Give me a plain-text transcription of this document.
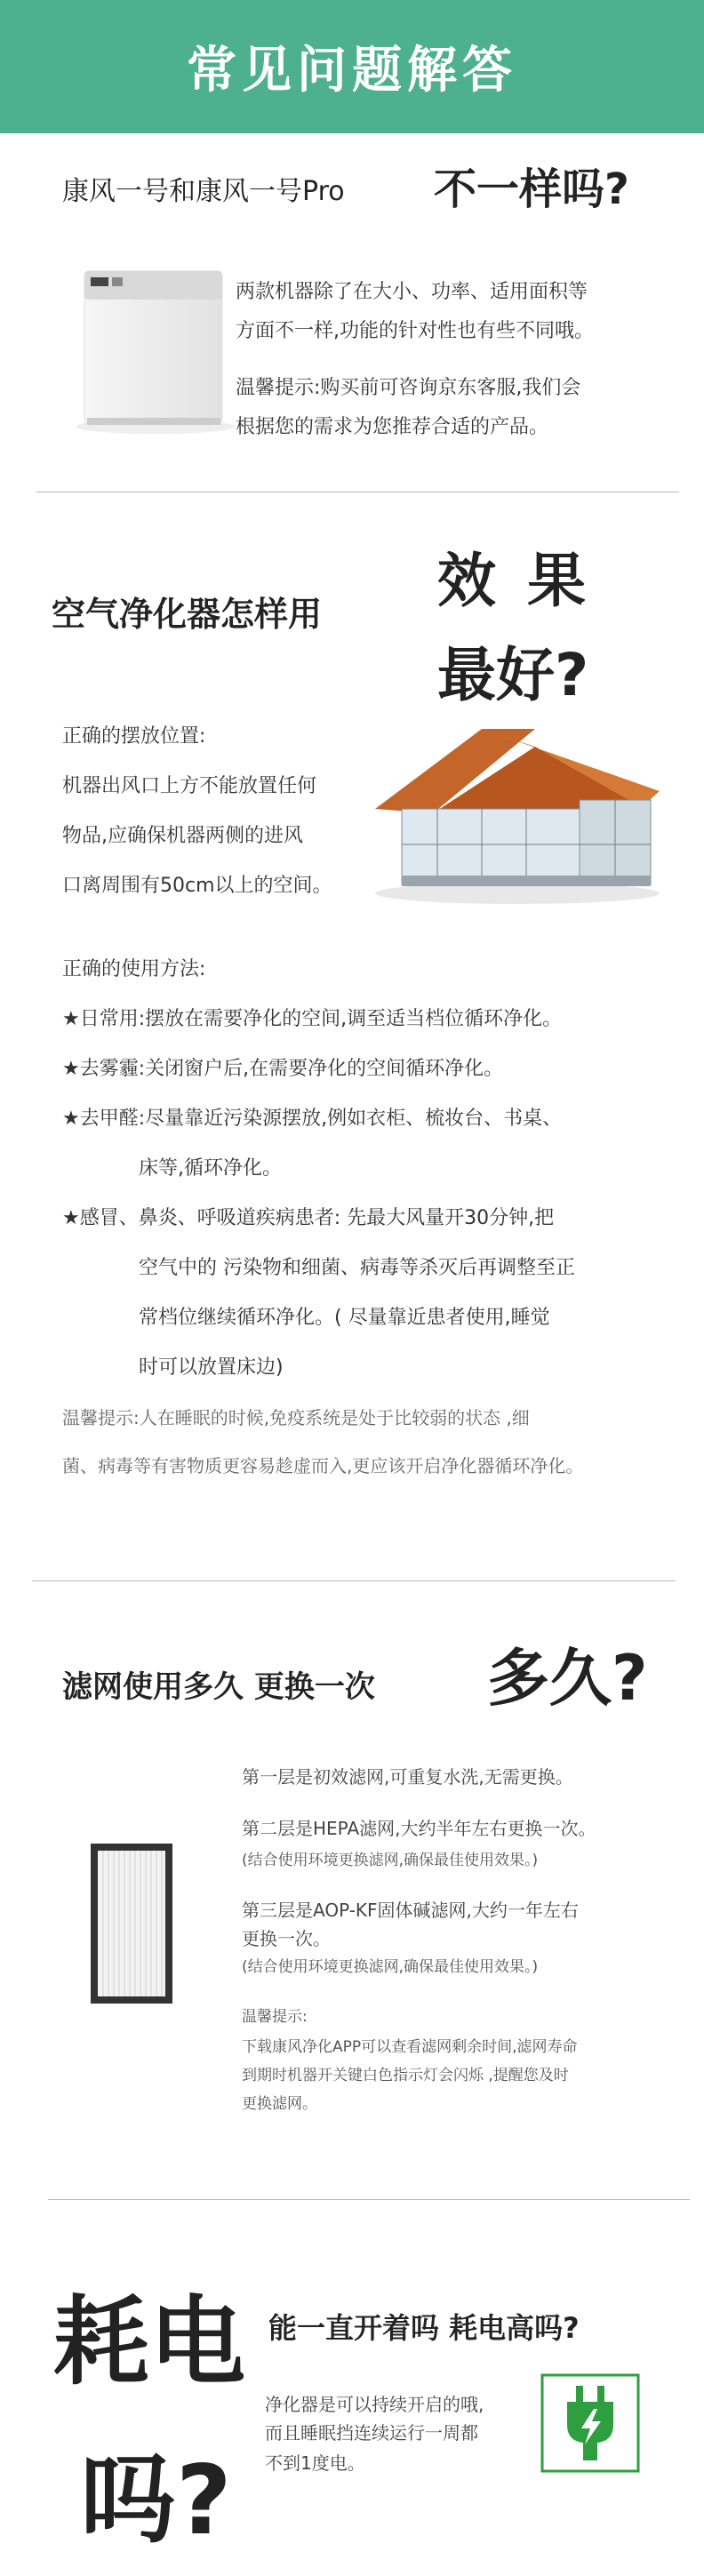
常见问题解答
康风一号和康风一号Pro 不一样吗?
两款机器除了在大小、功率、适用面积等
方面不一样,功能的针对性也有些不同哦。
温馨提示:购买前可咨询京东客服,我们会
根据您的需求为您推荐合适的产品。
空气净化器怎样用 效 果
最好?
正确的摆放位置:
机器出风口上方不能放置任何
物品,应确保机器两侧的进风
口离周围有50cm以上的空间。
正确的使用方法:
★日常用:摆放在需要净化的空间,调至适当档位循环净化。
★去雾霾:关闭窗户后,在需要净化的空间循环净化。
★去甲醛:尽量靠近污染源摆放,例如衣柜、梳妆台、书桌、
床等,循环净化。
★感冒、鼻炎、呼吸道疾病患者: 先最大风量开30分钟,把
空气中的 污染物和细菌、病毒等杀灭后再调整至正
常档位继续循环净化。( 尽量靠近患者使用,睡觉
时可以放置床边)
温馨提示:人在睡眠的时候,免疫系统是处于比较弱的状态 ,细
菌、病毒等有害物质更容易趁虚而入,更应该开启净化器循环净化。
滤网使用多久 更换一次 多久?
第一层是初效滤网,可重复水洗,无需更换。
第二层是HEPA滤网,大约半年左右更换一次。
(结合使用环境更换滤网,确保最佳使用效果。)
第三层是AOP-KF固体碱滤网,大约一年左右
更换一次。
(结合使用环境更换滤网,确保最佳使用效果。)
温馨提示:
下载康风净化APP可以查看滤网剩余时间,滤网寿命
到期时机器开关键白色指示灯会闪烁 ,提醒您及时
更换滤网。
耗电
吗?
能一直开着吗 耗电高吗?
净化器是可以持续开启的哦,
而且睡眠挡连续运行一周都
不到1度电。
